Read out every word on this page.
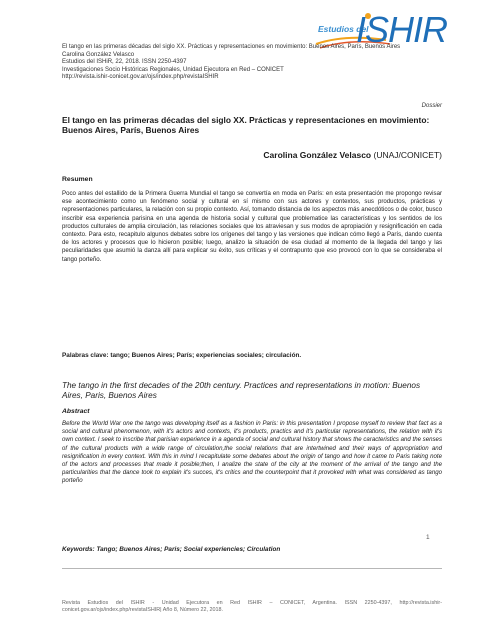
Estudios del
ISHIR
El tango en las primeras décadas del siglo XX. Prácticas y representaciones en movimiento: Buenos Aires, París, Buenos Aires
Carolina González Velasco
Estudios del ISHiR, 22, 2018. ISSN 2250-4397
Investigaciones Socio Históricas Regionales, Unidad Ejecutora en Red – CONICET
http://revista.ishir-conicet.gov.ar/ojs/index.php/revistaISHIR
Dossier
El tango en las primeras décadas del siglo XX. Prácticas y representaciones en movimiento: Buenos Aires, París, Buenos Aires
Carolina González Velasco (UNAJ/CONICET)
Resumen
Poco antes del estallido de la Primera Guerra Mundial el tango se convertía en moda en París: en esta presentación me propongo revisar ese acontecimiento como un fenómeno social y cultural en sí mismo con sus actores y contextos, sus productos, prácticas y representaciones particulares, la relación con su propio contexto. Así, tomando distancia de los aspectos más anecdóticos o de color, busco inscribir esa experiencia parisina en una agenda de historia social y cultural que problematice las características y los sentidos de los productos culturales de amplia circulación, las relaciones sociales que los atraviesan y sus modos de apropiación y resignificación en cada contexto. Para esto, recapitulo algunos debates sobre los orígenes del tango y las versiones que indican cómo llegó a París, dando cuenta de los actores y procesos que lo hicieron posible; luego, analizo la situación de esa ciudad al momento de la llegada del tango y las peculiaridades que asumió la danza allí para explicar su éxito, sus críticas y el contrapunto que eso provocó con lo que se consideraba el tango porteño.
Palabras clave: tango; Buenos Aires; París; experiencias sociales; circulación.
The tango in the first decades of the 20th century. Practices and representations in motion: Buenos Aires, Paris, Buenos Aires
Abstract
Before the World War one the tango was developing itself as a fashion in Paris: in this presentation I propose myself to review that fact as a social and cultural phenomenon, with it's actors and contexts, it's products, practics and it's particular representations, the relation with it's own context. I seek to inscribe that parisian experience in a agenda of social and cultural history that shows the caracteristics and the senses of the cultural products with a wide range of circulation,the social relations that are intertwined and their ways of appropriation and resignification in every context. With this in mind I recapitulate some debates about the origin of tango and how it came to Paris taking note of the actors and processes that made it posible;then, I analize the state of the city at the moment of the arrival of the tango and the particularities that the dance took to explain it's succes, it's critics and the counterpoint that it provoked with what was considered as tango porteño
Keywords: Tango; Buenos Aires; Paris; Social experiencies; Circulation
1
Revista Estudios del ISHIR - Unidad Ejecutora en Red ISHIR – CONICET, Argentina. ISSN 2250-4397, http://revista.ishir-conicet.gov.ar/ojs/index.php/revistaISHIR| Año 8, Número 22, 2018.
